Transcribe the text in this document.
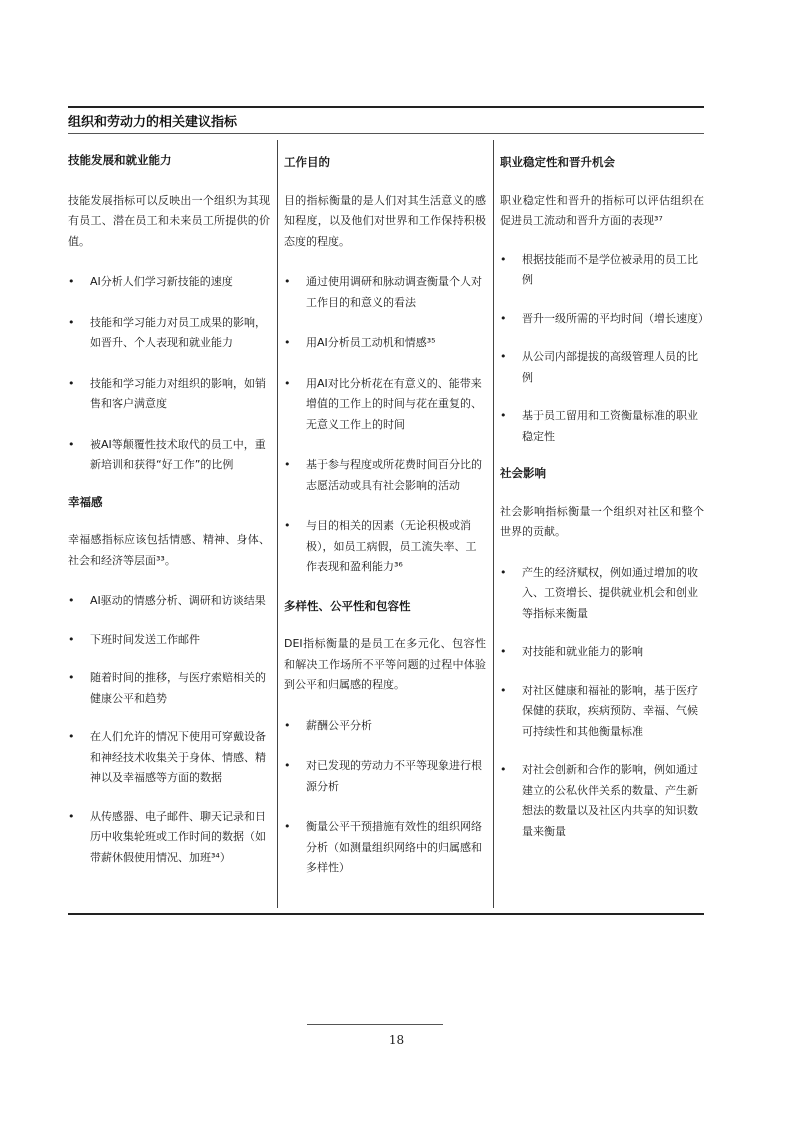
组织和劳动力的相关建议指标

技能发展和就业能力

技能发展指标可以反映出一个组织为其现有员工、潜在员工和未来员工所提供的价值。

• AI分析人们学习新技能的速度
• 技能和学习能力对员工成果的影响，如晋升、个人表现和就业能力
• 技能和学习能力对组织的影响，如销售和客户满意度
• 被AI等颠覆性技术取代的员工中，重新培训和获得“好工作”的比例

幸福感

幸福感指标应该包括情感、精神、身体、社会和经济等层面³³。

• AI驱动的情感分析、调研和访谈结果
• 下班时间发送工作邮件
• 随着时间的推移，与医疗索赔相关的健康公平和趋势
• 在人们允许的情况下使用可穿戴设备和神经技术收集关于身体、情感、精神以及幸福感等方面的数据
• 从传感器、电子邮件、聊天记录和日历中收集轮班或工作时间的数据（如带薪休假使用情况、加班³⁴）

工作目的

目的指标衡量的是人们对其生活意义的感知程度，以及他们对世界和工作保持积极态度的程度。

• 通过使用调研和脉动调查衡量个人对工作目的和意义的看法
• 用AI分析员工动机和情感³⁵
• 用AI对比分析花在有意义的、能带来增值的工作上的时间与花在重复的、无意义工作上的时间
• 基于参与程度或所花费时间百分比的志愿活动或具有社会影响的活动
• 与目的相关的因素（无论积极或消极），如员工病假，员工流失率、工作表现和盈利能力³⁶

多样性、公平性和包容性

DEI指标衡量的是员工在多元化、包容性和解决工作场所不平等问题的过程中体验到公平和归属感的程度。

• 薪酬公平分析
• 对已发现的劳动力不平等现象进行根源分析
• 衡量公平干预措施有效性的组织网络分析（如测量组织网络中的归属感和多样性）

职业稳定性和晋升机会

职业稳定性和晋升的指标可以评估组织在促进员工流动和晋升方面的表现³⁷

• 根据技能而不是学位被录用的员工比例
• 晋升一级所需的平均时间（增长速度）
• 从公司内部提拔的高级管理人员的比例
• 基于员工留用和工资衡量标准的职业稳定性

社会影响

社会影响指标衡量一个组织对社区和整个世界的贡献。

• 产生的经济赋权，例如通过增加的收入、工资增长、提供就业机会和创业等指标来衡量
• 对技能和就业能力的影响
• 对社区健康和福祉的影响，基于医疗保健的获取，疾病预防、幸福、气候可持续性和其他衡量标准
• 对社会创新和合作的影响，例如通过建立的公私伙伴关系的数量、产生新想法的数量以及社区内共享的知识数量来衡量
18
